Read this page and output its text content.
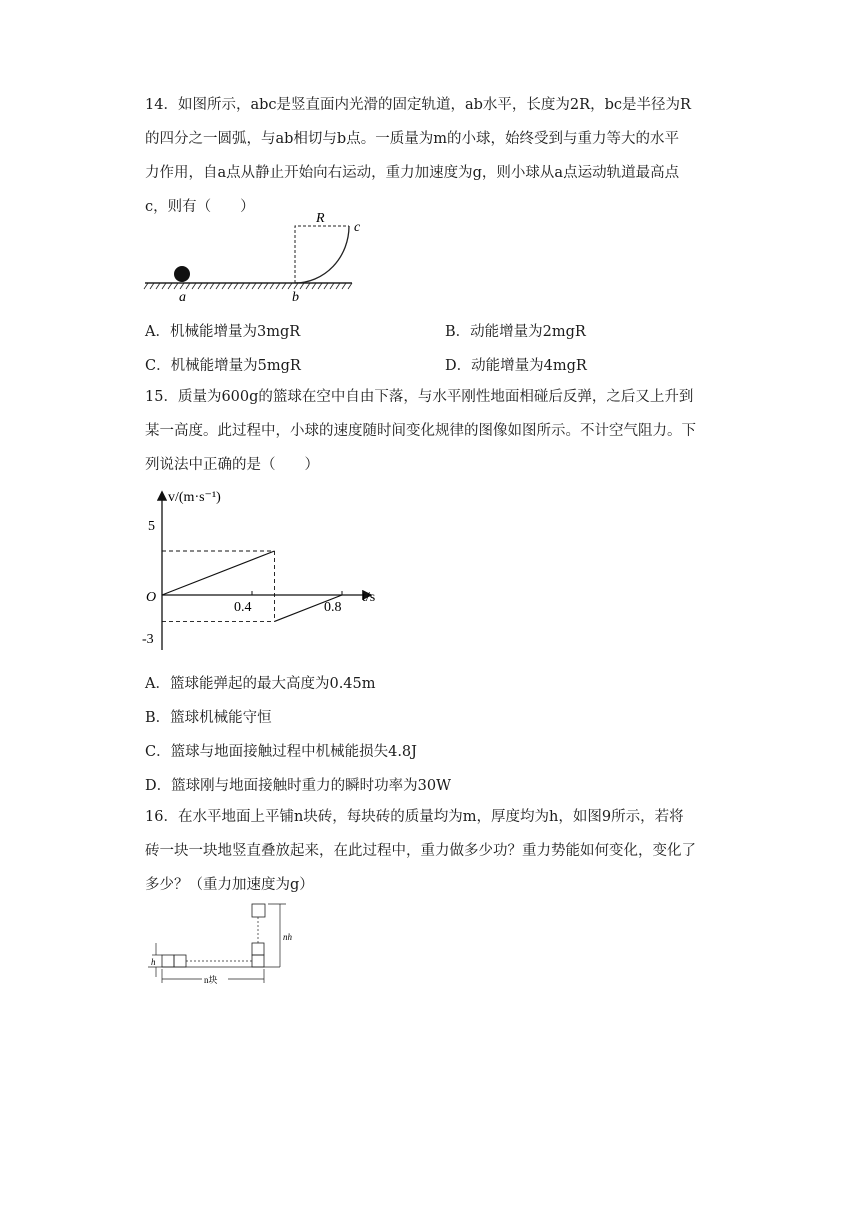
14．如图所示，abc是竖直面内光滑的固定轨道，ab水平，长度为2R，bc是半径为R
的四分之一圆弧，与ab相切与b点。一质量为m的小球，始终受到与重力等大的水平
力作用，自a点从静止开始向右运动，重力加速度为g，则小球从a点运动轨道最高点
c，则有（　　）
R
c
a	b
A．机械能增量为3mgR	B．动能增量为2mgR
C．机械能增量为5mgR	D．动能增量为4mgR
15．质量为600g的篮球在空中自由下落，与水平刚性地面相碰后反弹，之后又上升到
某一高度。此过程中，小球的速度随时间变化规律的图像如图所示。不计空气阻力。下
列说法中正确的是（　　）
v/(m·s⁻¹)
t/s
O
5
-3
0.4	0.8
A．篮球能弹起的最大高度为0.45m
B．篮球机械能守恒
C．篮球与地面接触过程中机械能损失4.8J
D．篮球刚与地面接触时重力的瞬时功率为30W
16．在水平地面上平铺n块砖，每块砖的质量均为m，厚度均为h，如图9所示，若将
砖一块一块地竖直叠放起来，在此过程中，重力做多少功？重力势能如何变化，变化了
多少？（重力加速度为g）
h
nh
n块
